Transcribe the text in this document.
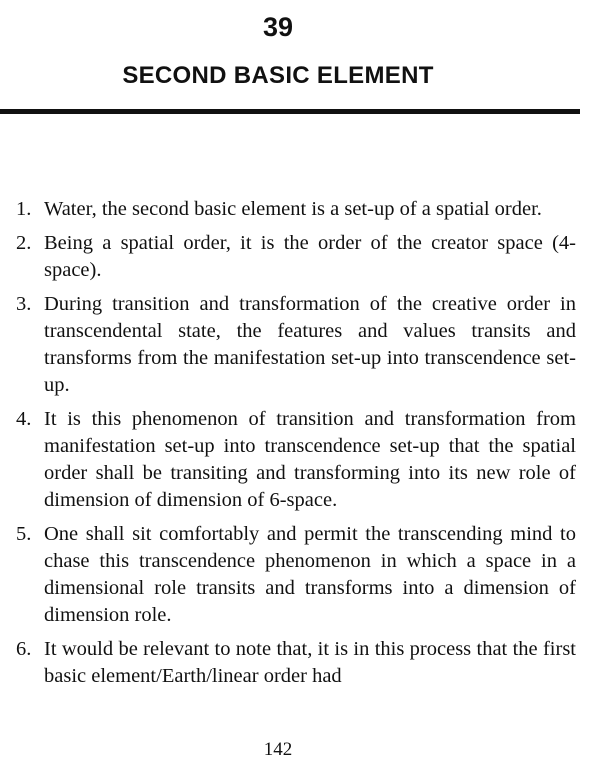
39
SECOND BASIC ELEMENT
1. Water, the second basic element is a set-up of a spatial order.
2. Being a spatial order, it is the order of the creator space (4-space).
3. During transition and transformation of the creative order in transcendental state, the features and values transits and transforms from the manifestation set-up into transcendence set-up.
4. It is this phenomenon of transition and transformation from manifestation set-up into transcendence set-up that the spatial order shall be transiting and transforming into its new role of dimension of dimension of 6-space.
5. One shall sit comfortably and permit the transcending mind to chase this transcendence phenomenon in which a space in a dimensional role transits and transforms into a dimension of dimension role.
6. It would be relevant to note that, it is in this process that the first basic element/Earth/linear order had
142
